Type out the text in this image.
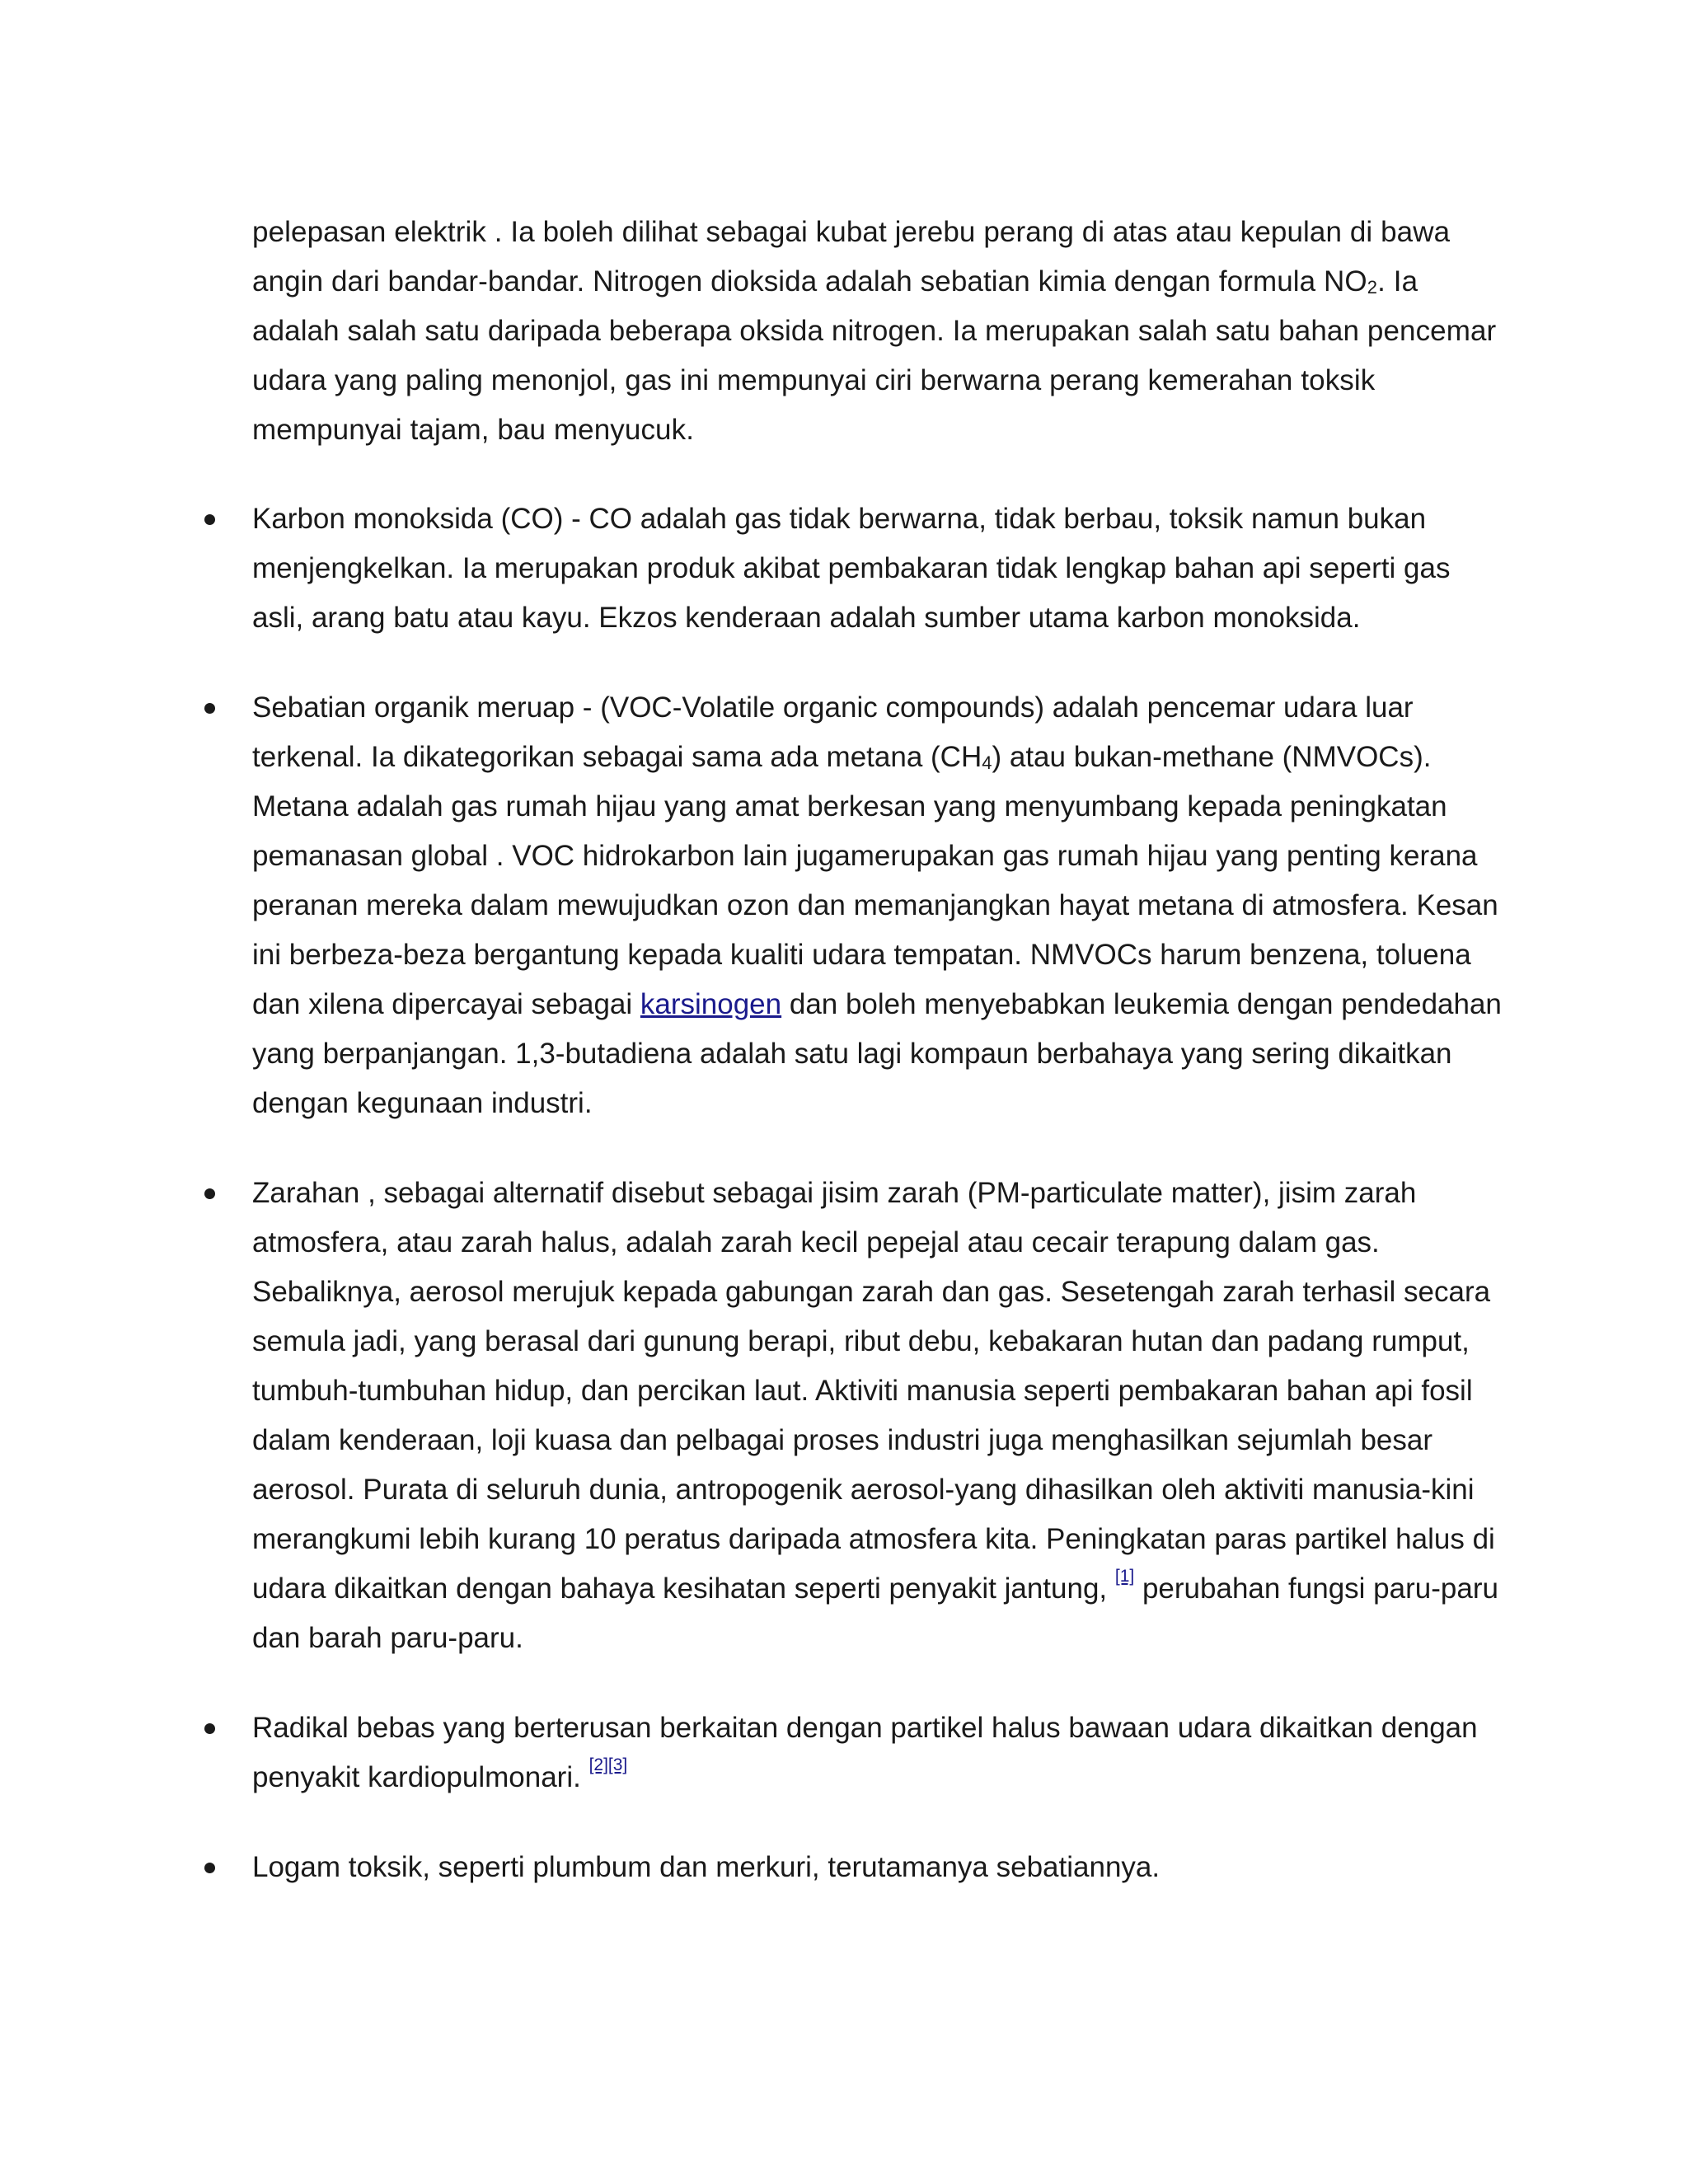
pelepasan elektrik . Ia boleh dilihat sebagai kubat jerebu perang di atas atau kepulan di bawa angin dari bandar-bandar. Nitrogen dioksida adalah sebatian kimia dengan formula $NO_2$. Ia adalah salah satu daripada beberapa oksida nitrogen. Ia merupakan salah satu bahan pencemar udara yang paling menonjol, gas ini mempunyai ciri berwarna perang kemerahan toksik mempunyai tajam, bau menyucuk.

Karbon monoksida (CO) - CO adalah gas tidak berwarna, tidak berbau, toksik namun bukan menjengkelkan. Ia merupakan produk akibat pembakaran tidak lengkap bahan api seperti gas asli, arang batu atau kayu. Ekzos kenderaan adalah sumber utama karbon monoksida.
Sebatian organik meruap - (VOC-Volatile organic compounds) adalah pencemar udara luar terkenal. Ia dikategorikan sebagai sama ada metana $(CH_4)$ atau bukan-methane (NMVOCs). Metana adalah gas rumah hijau yang amat berkesan yang menyumbang kepada peningkatan pemanasan global . VOC hidrokarbon lain jugamerupakan gas rumah hijau yang penting kerana peranan mereka dalam mewujudkan ozon dan memanjangkan hayat metana di atmosfera. Kesan ini berbeza-beza bergantung kepada kualiti udara tempatan. NMVOCs harum benzena, toluena dan xilena dipercayai sebagai karsinogen dan boleh menyebabkan leukemia dengan pendedahan yang berpanjangan. 1,3-butadiena adalah satu lagi kompaun berbahaya yang sering dikaitkan dengan kegunaan industri.
Zarahan , sebagai alternatif disebut sebagai jisim zarah (PM-particulate matter), jisim zarah atmosfera, atau zarah halus, adalah zarah kecil pepejal atau cecair terapung dalam gas. Sebaliknya, aerosol merujuk kepada gabungan zarah dan gas. Sesetengah zarah terhasil secara semula jadi, yang berasal dari gunung berapi, ribut debu, kebakaran hutan dan padang rumput, tumbuh-tumbuhan hidup, dan percikan laut. Aktiviti manusia seperti pembakaran bahan api fosil dalam kenderaan, loji kuasa dan pelbagai proses industri juga menghasilkan sejumlah besar aerosol. Purata di seluruh dunia, antropogenik aerosol-yang dihasilkan oleh aktiviti manusia-kini merangkumi lebih kurang 10 peratus daripada atmosfera kita. Peningkatan paras partikel halus di udara dikaitkan dengan bahaya kesihatan seperti penyakit jantung, [1] perubahan fungsi paru-paru dan barah paru-paru.
Radikal bebas yang berterusan berkaitan dengan partikel halus bawaan udara dikaitkan dengan penyakit kardiopulmonari. [2][3]
Logam toksik, seperti plumbum dan merkuri, terutamanya sebatiannya.
